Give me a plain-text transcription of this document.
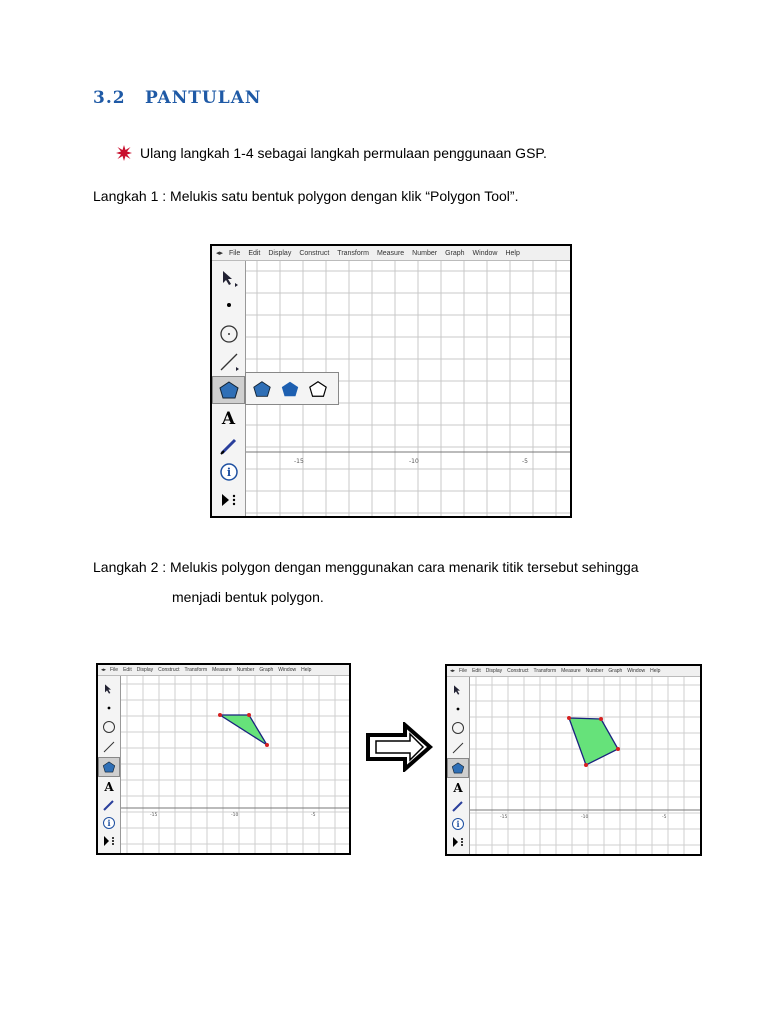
3.2 PANTULAN
Ulang langkah 1-4 sebagai langkah permulaan penggunaan GSP.
Langkah 1 : Melukis satu bentuk polygon dengan klik “Polygon Tool”.
◂▸ File Edit Display Construct Transform Measure Number Graph Window Help
A
i
-15	-10	-5
Langkah 2 : Melukis polygon dengan menggunakan cara menarik titik tersebut sehingga
menjadi bentuk polygon.
◂▸ File Edit Display Construct Transform Measure Number Graph Window Help
A
i
-15	-10	-5
◂▸ File Edit Display Construct Transform Measure Number Graph Window Help
A
i
-15	-10	-5
